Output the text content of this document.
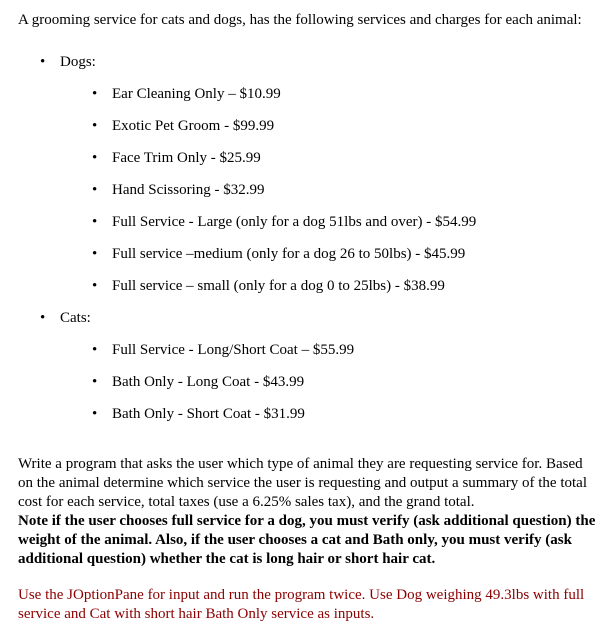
A grooming service for cats and dogs, has the following services and charges for each animal:
•Dogs:
•Ear Cleaning Only – $10.99
•Exotic Pet Groom - $99.99
•Face Trim Only - $25.99
•Hand Scissoring - $32.99
•Full Service - Large (only for a dog 51lbs and over) - $54.99
•Full service –medium (only for a dog 26 to 50lbs) - $45.99
•Full service – small (only for a dog 0 to 25lbs) - $38.99
•Cats:
•Full Service - Long/Short Coat – $55.99
•Bath Only - Long Coat - $43.99
•Bath Only - Short Coat - $31.99
Write a program that asks the user which type of animal they are requesting service for. Based on the animal determine which service the user is requesting and output a summary of the total cost for each service, total taxes (use a 6.25% sales tax), and the grand total.
Note if the user chooses full service for a dog, you must verify (ask additional question) the weight of the animal. Also, if the user chooses a cat and Bath only, you must verify (ask additional question) whether the cat is long hair or short hair cat.
Use the JOptionPane for input and run the program twice. Use Dog weighing 49.3lbs with full service and Cat with short hair Bath Only service as inputs.
